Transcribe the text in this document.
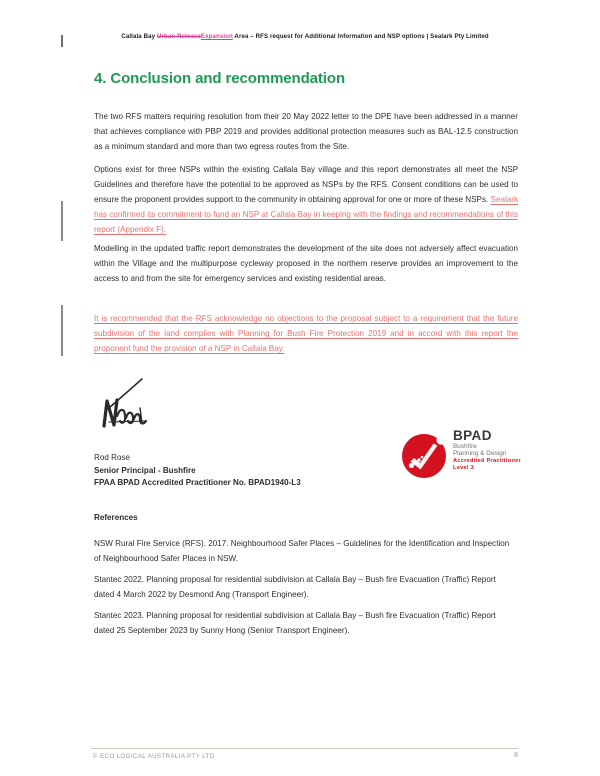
Callala Bay Urban ReleaseExpansion Area – RFS request for Additional Information and NSP options | Sealark Pty Limited
4. Conclusion and recommendation

The two RFS matters requiring resolution from their 20 May 2022 letter to the DPE have been addressed in a manner that achieves compliance with PBP 2019 and provides additional protection measures such as BAL-12.5 construction as a minimum standard and more than two egress routes from the Site.

Options exist for three NSPs within the existing Callala Bay village and this report demonstrates all meet the NSP Guidelines and therefore have the potential to be approved as NSPs by the RFS. Consent conditions can be used to ensure the proponent provides support to the community in obtaining approval for one or more of these NSPs. Sealark has confirmed its commitment to fund an NSP at Callala Bay in keeping with the findings and recommendations of this report (Appendix F).

Modelling in the updated traffic report demonstrates the development of the site does not adversely affect evacuation within the Village and the multipurpose cycleway proposed in the northern reserve provides an improvement to the access to and from the site for emergency services and existing residential areas.

It is recommended that the RFS acknowledge no objections to the proposal subject to a requirement that the future subdivision of the land complies with Planning for Bush Fire Protection 2019 and in accord with this report the proponent fund the provision of a NSP in Callala Bay.

Rod Rose
Senior Principal - Bushfire
FPAA BPAD Accredited Practitioner No. BPAD1940-L3
BPAD
Bushfire
Planning & Design
Accredited Practitioner
Level 3
References

NSW Rural Fire Service (RFS). 2017. Neighbourhood Safer Places – Guidelines for the Identification and Inspection of Neighbourhood Safer Places in NSW.

Stantec 2022. Planning proposal for residential subdivision at Callala Bay – Bush fire Evacuation (Traffic) Report dated 4 March 2022 by Desmond Ang (Transport Engineer).

Stantec 2023. Planning proposal for residential subdivision at Callala Bay – Bush fire Evacuation (Traffic) Report dated 25 September 2023 by Sunny Hong (Senior Transport Engineer).

© ECO LOGICAL AUSTRALIA PTY LTD	8
